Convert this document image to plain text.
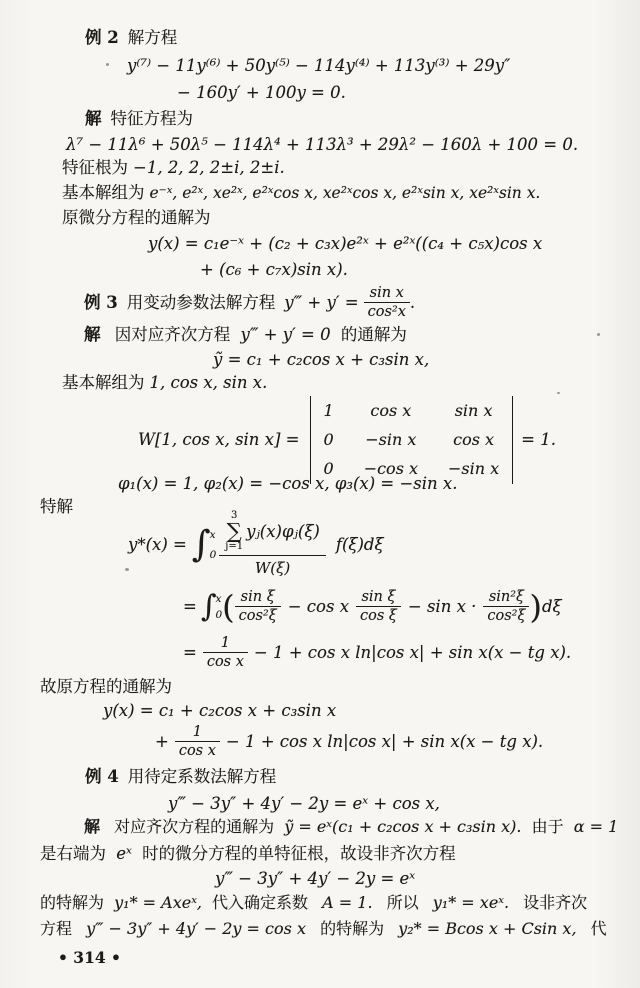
例 2 解方程
y⁽⁷⁾ − 11y⁽⁶⁾ + 50y⁽⁵⁾ − 114y⁽⁴⁾ + 113y⁽³⁾ + 29y″
− 160y′ + 100y = 0.
解 特征方程为
λ⁷ − 11λ⁶ + 50λ⁵ − 114λ⁴ + 113λ³ + 29λ² − 160λ + 100 = 0.
特征根为 −1, 2, 2, 2±i, 2±i.
基本解组为 e⁻ˣ, e²ˣ, xe²ˣ, e²ˣcos x, xe²ˣcos x, e²ˣsin x, xe²ˣsin x.
原微分方程的通解为
y(x) = c₁e⁻ˣ + (c₂ + c₃x)e²ˣ + e²ˣ((c₄ + c₅x)cos x
+ (c₆ + c₇x)sin x).
例 3 用变动参数法解方程 y‴ + $y' = \frac{\text{sin x}}{\text{cos²x}}$ .
解 因对应齐次方程 y‴ + y′ = 0 的通解为
ỹ = c₁ + c₂cos x + c₃sin x,
基本解组为 1, cos x, sin x.
W[1, cos x, sin x] =
1	cos x	sin x
0 −sin x	cos x
0 −cos x −sin x
= 1.
φ₁(x) = 1, φ₂(x) = −cos x, φ₃(x) = −sin x.
特解
y*(x) = ∫ x
0 3
∑
j=1
yⱼ(x)φⱼ(ξ)
W(ξ) f(ξ)dξ
= ∫ x
0 ( $\frac{\text{sin ξ}}{\text{cos²ξ}} - \cos x \frac{\text{sin ξ}}{\text{cos ξ}} - \sin x \cdot \frac{\text{sin²ξ}}{\text{cos²ξ}}$ ) dξ
= $\frac{1}{\text{cos x}} - 1 + \cos x$ ln|cos x| + sin x(x − tg x).
故原方程的通解为
y(x) = c₁ + c₂cos x + c₃sin x
+ $\frac{1}{\text{cos x}} - 1 + \cos x$ ln|cos x| + sin x(x − tg x).
例 4 用待定系数法解方程
y‴ − 3y″ + 4y′ − 2y = eˣ + cos x,
解 对应齐次方程的通解为 ỹ = eˣ(c₁ + c₂cos x + c₃sin x). 由于 α = 1
是右端为 eˣ 时的微分方程的单特征根，故设非齐次方程
y‴ − 3y″ + 4y′ − 2y = eˣ
的特解为 y₁* = Axeˣ, 代入确定系数 A = 1. 所以 y₁* = xeˣ. 设非齐次
方程 y‴ − 3y″ + 4y′ − 2y = cos x 的特解为 y₂* = Bcos x + Csin x, 代
• 314 •
